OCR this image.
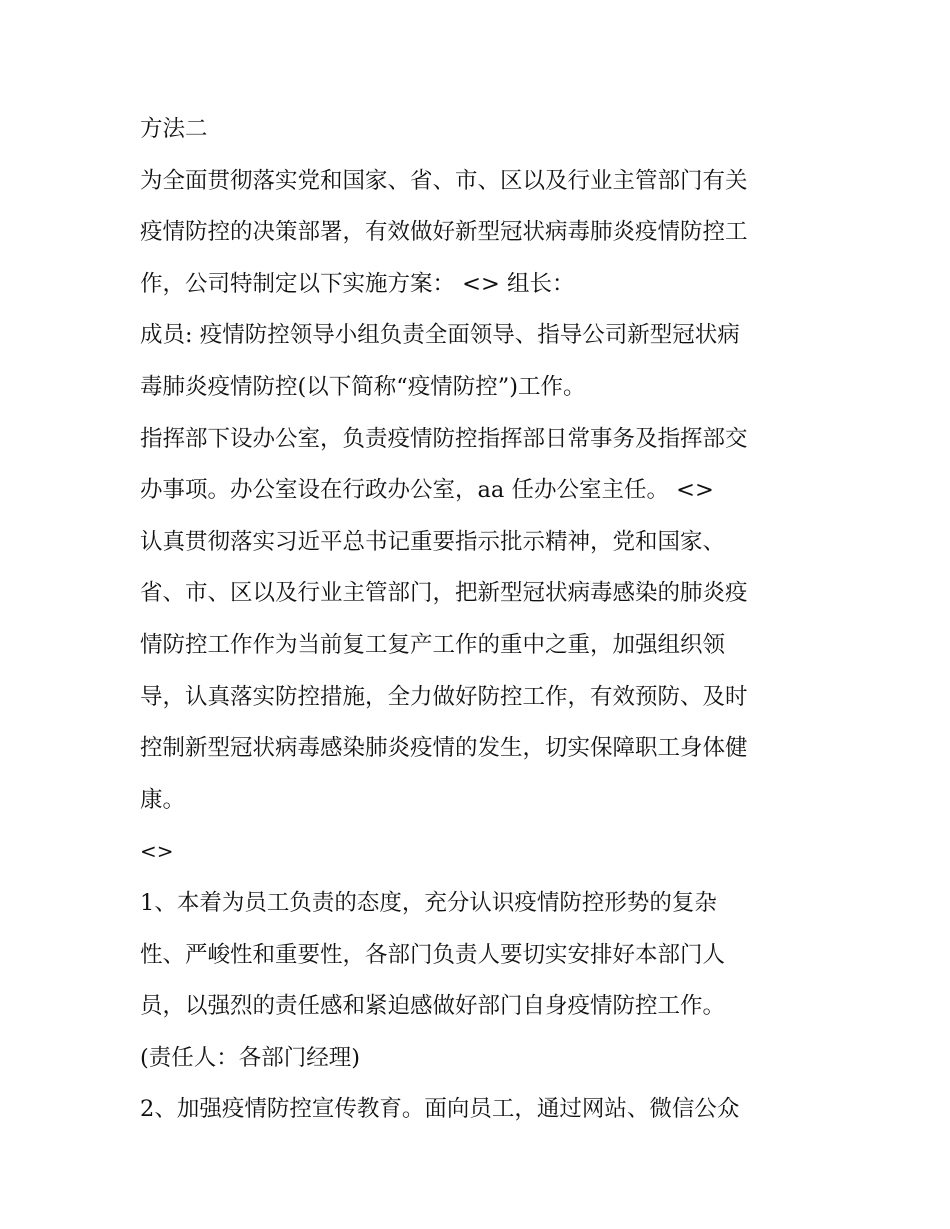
方法二
为全面贯彻落实党和国家、省、市、区以及行业主管部门有关
疫情防控的决策部署，有效做好新型冠状病毒肺炎疫情防控工
作，公司特制定以下实施方案： <> 组长：
成员: 疫情防控领导小组负责全面领导、指导公司新型冠状病
毒肺炎疫情防控(以下简称“疫情防控”)工作。
指挥部下设办公室，负责疫情防控指挥部日常事务及指挥部交
办事项。办公室设在行政办公室，aa 任办公室主任。 <>
认真贯彻落实习近平总书记重要指示批示精神，党和国家、
省、市、区以及行业主管部门，把新型冠状病毒感染的肺炎疫
情防控工作作为当前复工复产工作的重中之重，加强组织领
导，认真落实防控措施，全力做好防控工作，有效预防、及时
控制新型冠状病毒感染肺炎疫情的发生，切实保障职工身体健
康。
<>
1、本着为员工负责的态度，充分认识疫情防控形势的复杂
性、严峻性和重要性，各部门负责人要切实安排好本部门人
员，以强烈的责任感和紧迫感做好部门自身疫情防控工作。
(责任人：各部门经理)
2、加强疫情防控宣传教育。面向员工，通过网站、微信公众
